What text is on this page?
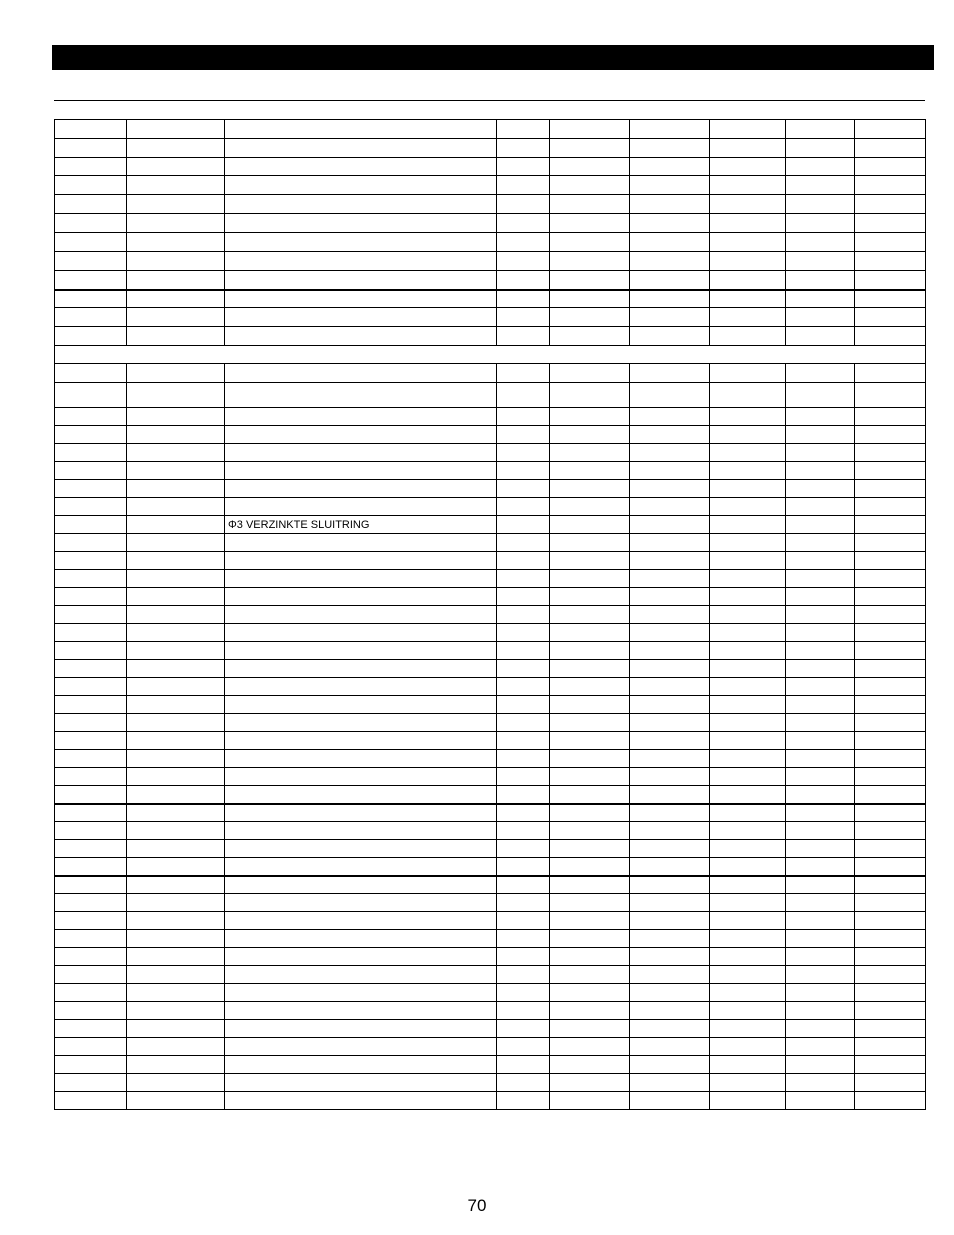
		Φ3 VERZINKTE SLUITRING						

70
